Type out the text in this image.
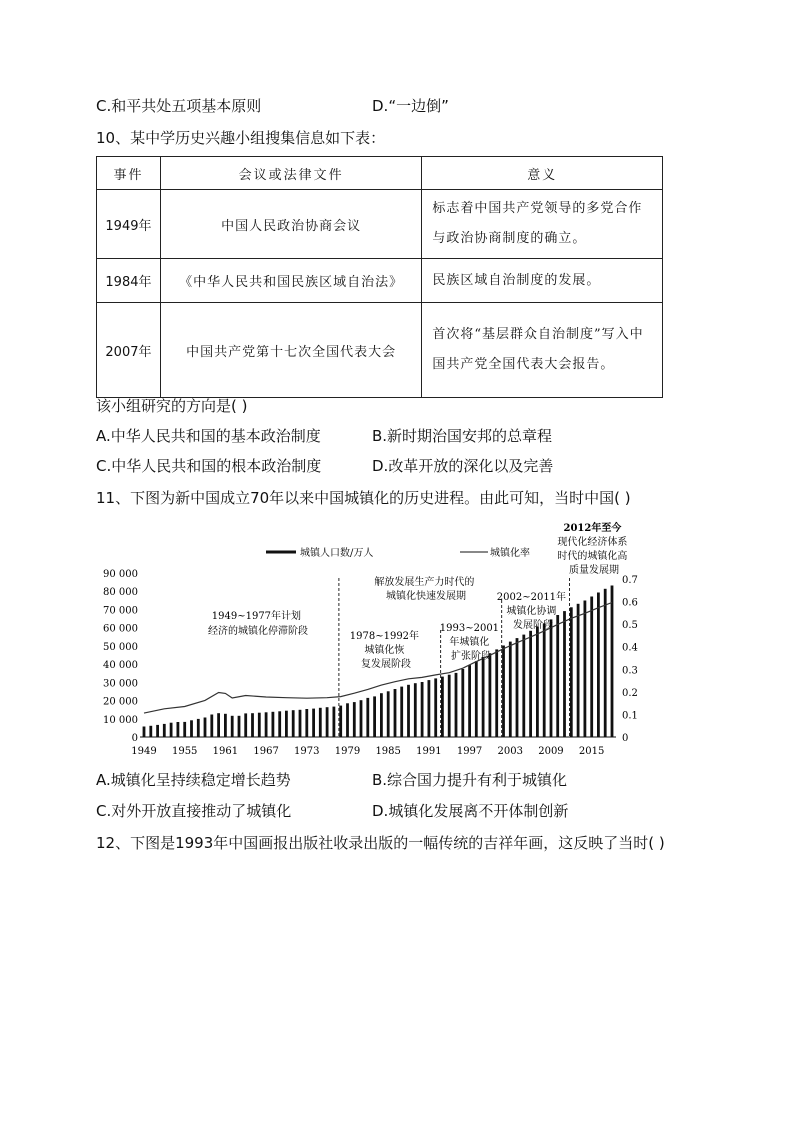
C.和平共处五项基本原则	D.“一边倒”
10、某中学历史兴趣小组搜集信息如下表：
事件	会议或法律文件	意义
1949年	中国人民政治协商会议	标志着中国共产党领导的多党合作与政治协商制度的确立。
1984年	《中华人民共和国民族区域自治法》	民族区域自治制度的发展。
2007年	中国共产党第十七次全国代表大会	首次将“基层群众自治制度”写入中国共产党全国代表大会报告。
该小组研究的方向是( )
A.中华人民共和国的基本政治制度	B.新时期治国安邦的总章程
C.中华人民共和国的根本政治制度	D.改革开放的深化以及完善
11、下图为新中国成立70年以来中国城镇化的历史进程。由此可知，当时中国( )
城镇人口数/万人	城镇化率
0
10 000
20 000
30 000
40 000
50 000
60 000
70 000
80 000
90 000
0
0.1
0.2
0.3
0.4
0.5
0.6
0.7
1949 1955 1961 1967 1973 1979 1985 1991 1997 2003 2009 2015
1949~1977年计划 经济的城镇化停滞阶段	1978~1992年 城镇化恢 复发展阶段
解放发展生产力时代的 城镇化快速发展期
1993~2001 年城镇化 扩张阶段
2002~2011年 城镇化协调 发展阶段
2012年至今 现代化经济体系 时代的城镇化高 质量发展期
A.城镇化呈持续稳定增长趋势	B.综合国力提升有利于城镇化
C.对外开放直接推动了城镇化	D.城镇化发展离不开体制创新
12、下图是1993年中国画报出版社收录出版的一幅传统的吉祥年画，这反映了当时( )
